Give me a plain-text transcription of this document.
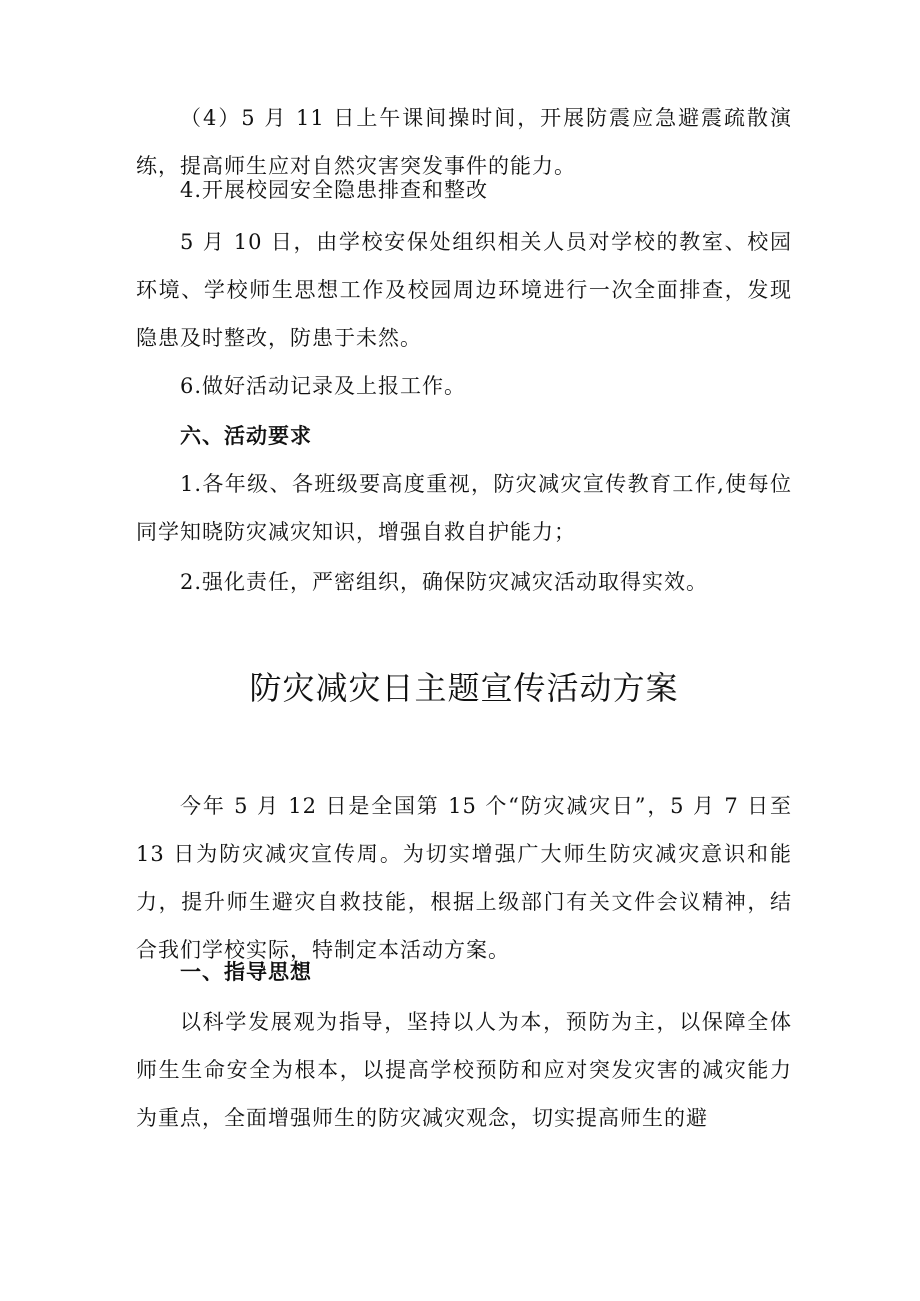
（4）5 月 11 日上午课间操时间，开展防震应急避震疏散演练，提高师生应对自然灾害突发事件的能力。

4.开展校园安全隐患排查和整改

5 月 10 日，由学校安保处组织相关人员对学校的教室、校园环境、学校师生思想工作及校园周边环境进行一次全面排查，发现隐患及时整改，防患于未然。

6.做好活动记录及上报工作。

六、活动要求

1.各年级、各班级要高度重视，防灾减灾宣传教育工作,使每位同学知晓防灾减灾知识，增强自救自护能力；

2.强化责任，严密组织，确保防灾减灾活动取得实效。

防灾减灾日主题宣传活动方案

今年 5 月 12 日是全国第 15 个“防灾减灾日”，5 月 7 日至 13 日为防灾减灾宣传周。为切实增强广大师生防灾减灾意识和能力，提升师生避灾自救技能，根据上级部门有关文件会议精神，结合我们学校实际，特制定本活动方案。

一、指导思想

以科学发展观为指导，坚持以人为本，预防为主，以保障全体师生生命安全为根本，以提高学校预防和应对突发灾害的减灾能力为重点，全面增强师生的防灾减灾观念，切实提高师生的避
